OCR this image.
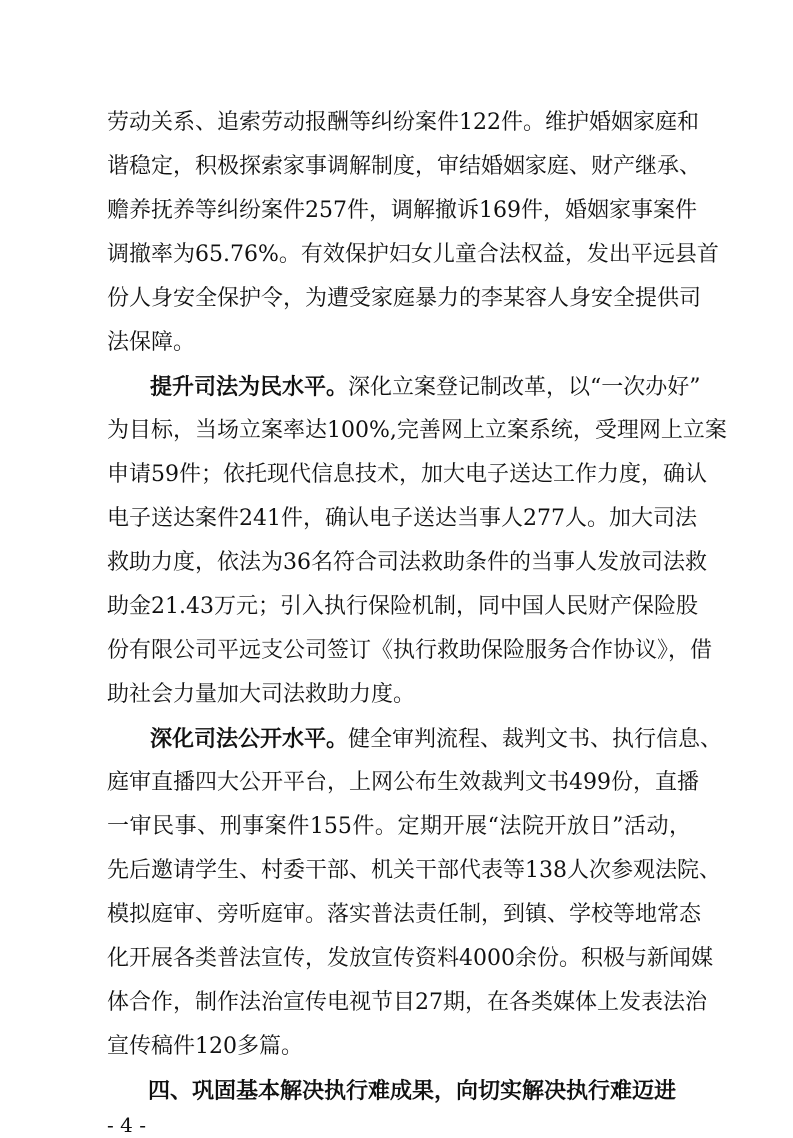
劳动关系、追索劳动报酬等纠纷案件122件。维护婚姻家庭和
谐稳定，积极探索家事调解制度，审结婚姻家庭、财产继承、
赡养抚养等纠纷案件257件，调解撤诉169件，婚姻家事案件
调撤率为65.76%。有效保护妇女儿童合法权益，发出平远县首
份人身安全保护令，为遭受家庭暴力的李某容人身安全提供司
法保障。
提升司法为民水平。深化立案登记制改革，以“一次办好”
为目标，当场立案率达100%,完善网上立案系统，受理网上立案
申请59件；依托现代信息技术，加大电子送达工作力度，确认
电子送达案件241件，确认电子送达当事人277人。加大司法
救助力度，依法为36名符合司法救助条件的当事人发放司法救
助金21.43万元；引入执行保险机制，同中国人民财产保险股
份有限公司平远支公司签订《执行救助保险服务合作协议》，借
助社会力量加大司法救助力度。
深化司法公开水平。健全审判流程、裁判文书、执行信息、
庭审直播四大公开平台，上网公布生效裁判文书499份，直播
一审民事、刑事案件155件。定期开展“法院开放日”活动，
先后邀请学生、村委干部、机关干部代表等138人次参观法院、
模拟庭审、旁听庭审。落实普法责任制，到镇、学校等地常态
化开展各类普法宣传，发放宣传资料4000余份。积极与新闻媒
体合作，制作法治宣传电视节目27期，在各类媒体上发表法治
宣传稿件120多篇。
四、巩固基本解决执行难成果，向切实解决执行难迈进
- 4 -
